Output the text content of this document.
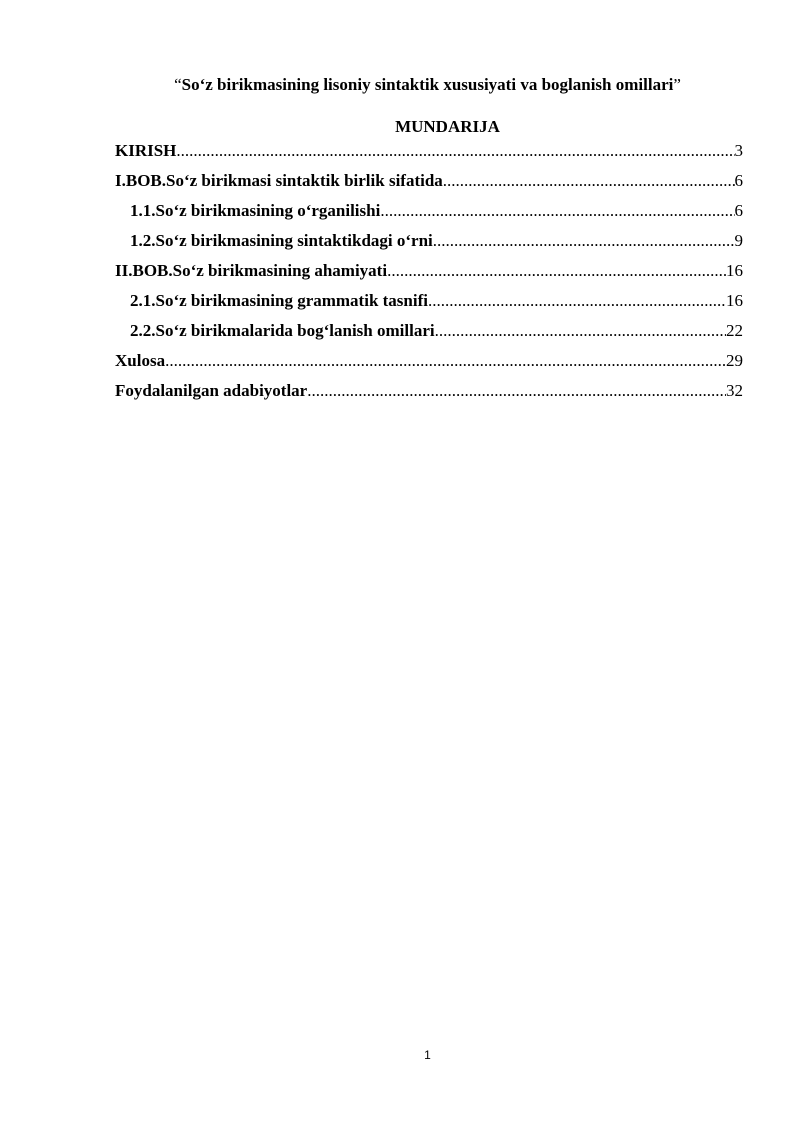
“So‘z birikmasining lisoniy sintaktik xususiyati va boglanish omillari”
MUNDARIJA
KIRISH .....	3
I.BOB.So‘z birikmasi sintaktik birlik sifatida .....	6
1.1.So‘z birikmasining o‘rganilishi .....	6
1.2.So‘z birikmasining sintaktikdagi o‘rni .....	9
II.BOB.So‘z birikmasining ahamiyati .....	16
2.1.So‘z birikmasining grammatik tasnifi .....	16
2.2.So‘z birikmalarida bog‘lanish omillari .....	22
Xulosa .....	29
Foydalanilgan adabiyotlar .....	32
1
